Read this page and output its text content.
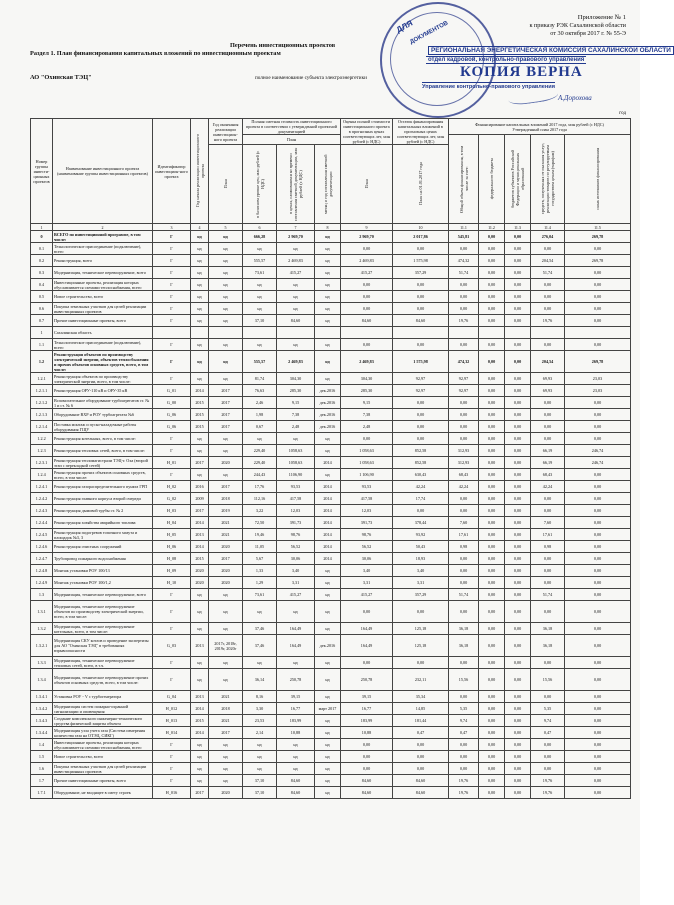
Приложение № 1
к приказу РЭК Сахалинской области
от 30 октября 2017 г. № 55-Э
ДЛЯ
ДОКУМЕНТОВ
РЕГИОНАЛЬНАЯ ЭНЕРГЕТИЧЕСКАЯ КОМИССИЯ САХАЛИНСКОЙ ОБЛАСТИ
отдел кадровой, контрольно-правового управления
КОПИЯ ВЕРНА
Управление контрольно-правового управления
А.Дорохова
Перечень инвестиционных проектов
Раздел 1. План финансирования капитальных вложений по инвестиционным проектам
АО "Охинская ТЭЦ"	полное наименование субъекта электроэнергетики
год
Номер группы инвести-ционных проектов	Наименование инвестиционного проекта (наименование группы инвестиционных проектов)	Идентификатор инвестицион-ного проекта	Год начала реализации инвестиционного проекта	Год окончания реализации инвестицион-ного проекта	Полная сметная стоимость инвестиционного проекта в соответствии с утвержденной проектной документацией			Оценка полной стоимости инвестиционного проекта в прогнозных ценах соответствующих лет, млн рублей (с НДС)	Остаток финансирования капитальных вложений в прогнозных ценах соответствующих лет, млн рублей (с НДС)	Финансирование капитальных вложений 2017 года, млн рублей (с НДС)
Утвержденный план 2017 года				
					План					Общий объем финансирования, в том числе за счет:	федерального бюджета	бюджетов субъектов Российской Федерации и муниципальных образований	средств, полученных от оказания услуг, реализации товаров по регулируемым государством ценам (тарифам)	иных источников финансирования
				План	в базисном уровне цен, млн рублей (с НДС)	в ценах, сложившихся ко времени составления сметной документации, млн рублей (с НДС)	месяц и год составления сметной документации	План	План на 01.01.2017 года					
1	2	3	4	5	6	7	8	9	10	11.1	11.2	11.3	11.4	11.5
0	ВСЕГО по инвестиционной программе, в том числе:	Г	нд	нд	666,28	2 969,70	нд	2 969,70	2 017,86	545,81	0,00	0,00	276,04	269,78
0.1	Технологическое присоединение (подключение), всего	Г	нд	нд	нд	нд	нд	0,00	0,00	0,00	0,00	0,00	0,00	0,00
0.2	Реконструкция, всего	Г	нд	нд	555,57	2 469,83	нд	2 469,83	1 575,98	474,32	0,00	0,00	204,54	269,78
0.3	Модернизация, техническое перевооружение, всего	Г	нд	нд	73,61	415,27	нд	415,27	357,29	51,74	0,00	0,00	51,74	0,00
0.4	Инвестиционные проекты, реализация которых обуславливается схемами теплоснабжения, всего	Г	нд	нд	нд	нд	нд	0,00	0,00	0,00	0,00	0,00	0,00	0,00
0.5	Новое строительство, всего	Г	нд	нд	нд	нд	нд	0,00	0,00	0,00	0,00	0,00	0,00	0,00
0.6	Покупка земельных участков для целей реализации инвестиционных проектов	Г	нд	нд	нд	нд	нд	0,00	0,00	0,00	0,00	0,00	0,00	0,00
0.7	Прочие инвестиционные проекты, всего	Г	нд	нд	37,10	84,60	нд	84,60	84,60	19,76	0,00	0,00	19,76	0,00
1	Сахалинская область													
1.1	Технологическое присоединение (подключение), всего	Г	нд	нд	нд	нд	нд	0,00	0,00	0,00	0,00	0,00	0,00	0,00
1.2	Реконструкция объектов по производству электрической энергии, объектов теплосбыжения и прочих объектов основных средств, всего, в том числе:	Г	нд	нд	555,57	2 469,83	нд	2 469,83	1 575,98	474,32	0,00	0,00	204,54	269,78
1.2.1	Реконструкция объектов по производству электрической энергии, всего, в том числе:	Г	нд	нд	81,74	304,30	нд	304,30	92,97	92,97	0,00	0,00	69,93	23,03
1.2.1.1	Реконструкция ОРУ-110 кВ и ОРУ-35 кВ	G_01	2014	2017	76,63	285,30	дек.2016	285,30	92,97	92,97	0,00	0,00	69,93	23,03
1.2.1.2	Вспомогательное оборудование турбоагрегатов ст. № 1 и ст. № 6	G_00	2015	2017	2,46	9,15	дек.2016	9,15	0,00	0,00	0,00	0,00	0,00	0,00
1.2.1.3	Оборудование ВХР и РОУ турбоагрегата №6	G_06	2015	2017	1,98	7,38	дек.2016	7,38	0,00	0,00	0,00	0,00	0,00	0,00
1.2.1.4	Поставка монтаж и пуско-наладочные работы оборудования ГЩУ	G_06	2015	2017	0,67	2,48	дек.2016	2,48	0,00	0,00	0,00	0,00	0,00	0,00
1.2.2	Реконструкция котельных, всего, в том числе:	Г	нд	нд	нд	нд	нд	0,00	0,00	0,00	0,00	0,00	0,00	0,00
1.2.3	Реконструкция тепловых сетей, всего, в том числе:	Г	нд	нд	229,40	1058,63	нд	1 058,63	852,58	312,93	0,00	0,00	66,19	246,74
1.2.3.1	Реконструкция тепломагистрали ТЭЦ-г. Оха (второй этап с перекладкой сетей)	H_01	2017	2020	229,40	1058,63	2014	1 058,63	852,58	312,93	0,00	0,00	66,19	246,74
1.2.4	Реконструкция прочих объектов основных средств, всего, в том числе:	Г	нд	нд	244,43	1106,90	нд	1 106,90	630,43	68,43	0,00	0,00	68,43	0,00
1.2.4.1	Реконструкция газораспределительного пункта ГРП	H_02	2016	2017	17,76	93,53	2014	93,53	42,24	42,24	0,00	0,00	42,24	0,00
1.2.4.2	Реконструкция главного корпуса второй очереди	G_02	2009	2018	112,16	417,58	2014	417,58	17,74	0,00	0,00	0,00	0,00	0,00
1.2.4.3	Реконструкция дымовой трубы ст. № 2	H_03	2017	2019	3,22	12,03	2014	12,03	0,00	0,00	0,00	0,00	0,00	0,00
1.2.4.4	Реконструкция хозяйства аварийного топлива	H_04	2014	2021	72,50	391,73	2014	391,73	378,44	7,60	0,00	0,00	7,60	0,00
1.2.4.5	Реконструкция подогревов топочного мазута и площадок №3, 3	H_05	2013	2021	19,46	98,76	2014	98,76	93,92	17,61	0,00	0,00	17,61	0,00
1.2.4.6	Реконструкция очистных сооружений	H_06	2014	2020	11,05	56,52	2014	56,52	50,43	0,98	0,00	0,00	0,98	0,00
1.2.4.7	Трубопровод пожарного водоснабжения	H_08	2015	2017	5,67	30,06	2014	30,06	18,93	0,00	0,00	0,00	0,00	0,00
1.2.4.8	Монтаж установки РОУ 100/13	H_09	2020	2020	1,33	3,40	нд	3,40	3,40	0,00	0,00	0,00	0,00	0,00
1.2.4.9	Монтаж установки РОУ 100/1,2	H_10	2020	2020	1,29	3,31	нд	3,31	3,31	0,00	0,00	0,00	0,00	0,00
1.3	Модернизация, техническое перевооружение, всего	Г	нд	нд	73,61	415,27	нд	415,27	357,29	51,74	0,00	0,00	51,74	0,00
1.3.1	Модернизация, техническое перевооружение объектов по производству электрической энергии, всего, в том числе:	Г	нд	нд	нд	нд	нд	0,00	0,00	0,00	0,00	0,00	0,00	0,00
1.3.2	Модернизация, техническое перевооружение котельных, всего, в том числе:	Г	нд	нд	37,46	164,49	нд	164,49	125,18	36,18	0,00	0,00	36,18	0,00
1.3.2.1	Модернизация СКУ котлов и проведение экспертизы для АО "Охинская ТЭЦ" в требованиях взрывоопасности	G_03	2013	2017г, 2018г, 2019г, 2020г	37,46	164,49	дек.2016	164,49	125,18	36,18	0,00	0,00	36,18	0,00
1.3.3	Модернизация, техническое перевооружение тепловых сетей, всего, в т.ч.	Г	нд	нд	нд	нд	нд	0,00	0,00	0,00	0,00	0,00	0,00	0,00
1.3.4	Модернизация, техническое перевооружение прочих объектов основных средств, всего, в том числе:	Г	нд	нд	36,14	250,78	нд	250,78	232,11	15,56	0,00	0,00	15,56	0,00
1.3.4.1	Установка РОУ - V с турбогенератора	G_04	2013	2021	8,16	39,15	нд	39,15	35,34	0,00	0,00	0,00	0,00	0,00
1.3.4.2	Модернизация систем пожарно-охранной сигнализации и оповещения	H_012	2014	2018	3,30	16,77	март 2017	16,77	14,85	5,35	0,00	0,00	5,35	0,00
1.3.4.3	Создание комплексного инженерно-технического средства физической защиты объекта	H_013	2015	2021	23,53	183,99	нд	183,99	181,44	9,74	0,00	0,00	9,74	0,00
1.3.4.4	Модернизация узла учета газа (Система измерения количества газа на ОТЭЦ, СИКГ)	H_014	2014	2017	2,14	10,88	нд	10,88	0,47	0,47	0,00	0,00	0,47	0,00
1.4	Инвестиционные проекты, реализация которых обуславливается схемами теплоснабжения, всего	Г	нд	нд	нд	нд	нд	0,00	0,00	0,00	0,00	0,00	0,00	0,00
1.5	Новое строительство, всего	Г	нд	нд	нд	нд	нд	0,00	0,00	0,00	0,00	0,00	0,00	0,00
1.6	Покупка земельных участков для целей реализации инвестиционных проектов	Г	нд	нд	нд	нд	нд	0,00	0,00	0,00	0,00	0,00	0,00	0,00
1.7	Прочие инвестиционные проекты, всего	Г	нд	нд	37,10	84,60	нд	84,60	84,60	19,76	0,00	0,00	19,76	0,00
1.7.1	Оборудование, не входящее в смету строек	H_016	2017	2020	37,10	84,60	нд	84,60	84,60	19,76	0,00	0,00	19,76	0,00
